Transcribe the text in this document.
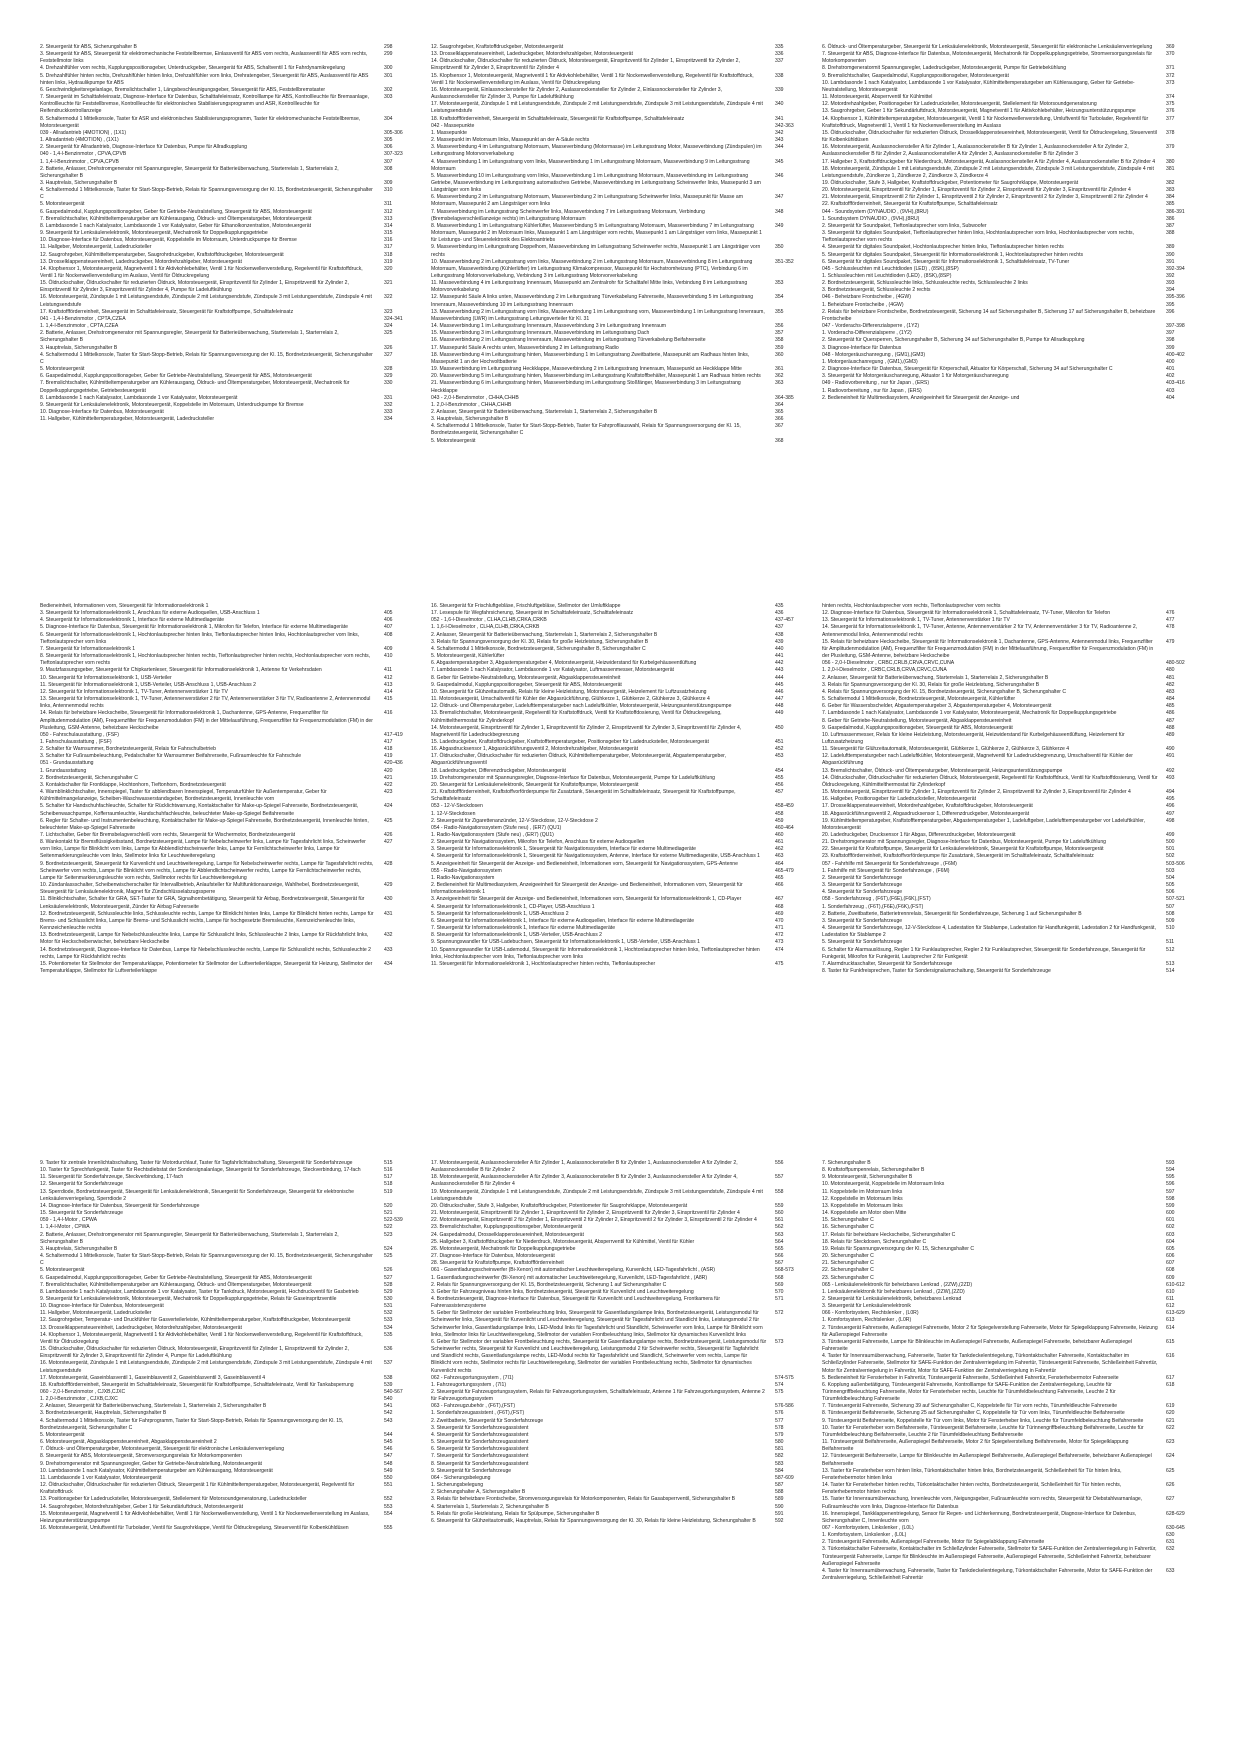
2. Steuergerät für ABS, Sicherungshalter B	298
3. Steuergerät für ABS, Steuergerät für elektromechanische Feststellbremse, Einlassventil für ABS vorn rechts, Auslassventil für ABS vorn rechts, Feststellmotor links
299
4. Drehzahlfühler vorn rechts, Kupplungspositionsgeber, Unterdruckgeber, Steuergerät für ABS, Schaltventil 1 für Fahrdynamikregelung	300
5. Drehzahlfühler hinten rechts, Drehzahlfühler hinten links, Drehzahlfühler vorn links, Drehratengeber, Steuergerät für ABS, Auslassventil für ABS hinten links, Hydraulikpumpe für ABS
301
6. Geschwindigkeitsregelanlage, Bremslichtschalter 1, Längsbeschleunigungsgeber, Steuergerät für ABS, Feststellbremstaster	302
7. Steuergerät im Schalttafeleinsatz, Diagnose-Interface für Datenbus, Schalttafeleinsatz, Kontrolllampe für ABS, Kontrollleuchte für Bremsanlage, Kontrollleuchte für Feststellbremse, Kontrollleuchte für elektronisches Stabilisierungsprogramm und ASR, Kontrollleuchte für Reifendruckkontrollanzeige
303
8. Schaltermodul 1 Mittelkonsole, Taster für ASR und elektronisches Stabilisierungsprogramm, Taster für elektromechanische Feststellbremse, Motorsteuergerät
304
039 - Allradantrieb (4MOTION) , (1X1)	305-306
1. Allradantrieb (4MOTION) , (1X1)	305
2. Steuergerät für Allradantrieb, Diagnose-Interface für Datenbus, Pumpe für Allradkupplung	306
040 - 1,4-l-Benzinmotor , CPVA,CPVB	307-323
1. 1,4-l-Benzinmotor , CPVA,CPVB	307
2. Batterie, Anlasser, Drehstromgenerator mit Spannungsregler, Steuergerät für Batterieüberwachung, Starterrelais 1, Starterrelais 2, Sicherungshalter B
308
3. Hauptrelais, Sicherungshalter B	309
4. Schaltermodul 1 Mittelkonsole, Taster für Start-Stopp-Betrieb, Relais für Spannungsversorgung der Kl. 15, Bordnetzsteuergerät, Sicherungshalter C
310
5. Motorsteuergerät	311
6. Gaspedalmodul, Kupplungspositionsgeber, Geber für Getriebe-Neutralstellung, Steuergerät für ABS, Motorsteuergerät	312
7. Bremslichtschalter, Kühlmitteltemperaturgeber am Kühlerausgang, Öldruck- und Öltemperaturgeber, Motorsteuergerät	313
8. Lambdasonde 1 nach Katalysator, Lambdasonde 1 vor Katalysator, Geber für Ethanolkonzentration, Motorsteuergerät	314
9. Steuergerät für Lenksäulenelektronik, Motorsteuergerät, Mechatronik für Doppelkupplungsgetriebe	315
10. Diagnose-Interface für Datenbus, Motorsteuergerät, Koppelstelle im Motorraum, Unterdruckpumpe für Bremse	316
11. Hallgeber, Motorsteuergerät, Ladedrucksteller	317
12. Saugrohrgeber, Kühlmitteltemperaturgeber, Saugrohrdruckgeber, Kraftstoffdruckgeber, Motorsteuergerät	318
13. Drosselklappensteuereinheit, Ladedruckgeber, Motordrehzahlgeber, Motorsteuergerät	319
14. Klopfsensor 1, Motorsteuergerät, Magnetventil 1 für Aktivkohlebehälter, Ventil 1 für Nockenwellenverstellung, Regelventil für Kraftstoffdruck, Ventil 1 für Nockenwellenverstellung im Auslass, Ventil für Öldruckregelung
320
15. Öldruckschalter, Öldruckschalter für reduzierten Öldruck, Motorsteuergerät, Einspritzventil für Zylinder 1, Einspritzventil für Zylinder 2, Einspritzventil für Zylinder 3, Einspritzventil für Zylinder 4, Pumpe für Ladeluftkühlung
321
16. Motorsteuergerät, Zündspule 1 mit Leistungsendstufe, Zündspule 2 mit Leistungsendstufe, Zündspule 3 mit Leistungsendstufe, Zündspule 4 mit Leistungsendstufe
322
17. Kraftstoffförderreinheit, Steuergerät im Schalttafeleinsatz, Steuergerät für Kraftstoffpumpe, Schalttafeleinsatz	323
041 - 1,4-l-Benzinmotor , CPTA,CZEA	324-341
1. 1,4-l-Benzinmotor , CPTA,CZEA	324
2. Batterie, Anlasser, Drehstromgenerator mit Spannungsregler, Steuergerät für Batterieüberwachung, Starterrelais 1, Starterrelais 2, Sicherungshalter B
325
3. Hauptrelais, Sicherungshalter B	326
4. Schaltermodul 1 Mittelkonsole, Taster für Start-Stopp-Betrieb, Relais für Spannungsversorgung der Kl. 15, Bordnetzsteuergerät, Sicherungshalter C
327
5. Motorsteuergerät	328
6. Gaspedalmodul, Kupplungspositionsgeber, Geber für Getriebe-Neutralstellung, Steuergerät für ABS, Motorsteuergerät	329
7. Bremslichtschalter, Kühlmitteltemperaturgeber am Kühlerausgang, Öldruck- und Öltemperaturgeber, Motorsteuergerät, Mechatronik für Doppelkupplungsgetriebe, Getriebesteuergerät
330
8. Lambdasonde 1 nach Katalysator, Lambdasonde 1 vor Katalysator, Motorsteuergerät	331
9. Steuergerät für Lenksäulenelektronik, Motorsteuergerät, Koppelstelle im Motorraum, Unterdruckpumpe für Bremse	332
10. Diagnose-Interface für Datenbus, Motorsteuergerät	333
11. Hallgeber, Kühlmitteltemperaturgeber, Motorsteuergerät, Ladedrucksteller	334
12. Saugrohrgeber, Kraftstoffdruckgeber, Motorsteuergerät	335
13. Drosselklappensteuereinheit, Ladedruckgeber, Motordrehzahlgeber, Motorsteuergerät	336
14. Öldruckschalter, Öldruckschalter für reduzierten Öldruck, Motorsteuergerät, Einspritzventil für Zylinder 1, Einspritzventil für Zylinder 2, Einspritzventil für Zylinder 3, Einspritzventil für Zylinder 4
337
15. Klopfsensor 1, Motorsteuergerät, Magnetventil 1 für Aktivkohlebehälter, Ventil 1 für Nockenwellenverstellung, Regelventil für Kraftstoffdruck, Ventil 1 für Nockenwellenverstellung im Auslass, Ventil für Öldruckregelung
338
16. Motorsteuergerät, Einlassnockensteller für Zylinder 2, Auslassnockensteller für Zylinder 2, Einlassnockensteller für Zylinder 3, Auslassnockensteller für Zylinder 3, Pumpe für Ladeluftkühlung
339
17. Motorsteuergerät, Zündspule 1 mit Leistungsendstufe, Zündspule 2 mit Leistungsendstufe, Zündspule 3 mit Leistungsendstufe, Zündspule 4 mit Leistungsendstufe
340
18. Kraftstoffförderreinheit, Steuergerät im Schalttafeleinsatz, Steuergerät für Kraftstoffpumpe, Schalttafeleinsatz	341
042 - Massepunkte	342-363
1. Massepunkte	342
2. Massepunkt im Motorraum links, Massepunkt an der A-Säule rechts	343
3. Masseverbindung 4 im Leitungsstrang Motorraum, Masseverbindung (Motormasse) im Leitungsstrang Motor, Masseverbindung (Zündspulen) im Leitungsstrang Motorvorverkabelung
344
4. Masseverbindung 1 im Leitungsstrang vorn links, Masseverbindung 1 im Leitungsstrang Motorraum, Masseverbindung 9 im Leitungsstrang Motorraum
345
5. Masseverbindung 10 im Leitungsstrang vorn links, Masseverbindung 1 im Leitungsstrang Motorraum, Masseverbindung im Leitungsstrang Getriebe, Masseverbindung im Leitungsstrang automatisches Getriebe, Masseverbindung im Leitungsstrang Scheinwerfer links, Massepunkt 3 am Längsträger vorn links
346
6. Masseverbindung 2 im Leitungsstrang Motorraum, Masseverbindung 2 im Leitungsstrang Scheinwerfer links, Massepunkt für Masse am Motorraum, Massepunkt 2 am Längsträger vorn links
347
7. Masseverbindung im Leitungsstrang Scheinwerfer links, Masseverbindung 7 im Leitungsstrang Motorraum, Verbindung (Bremsbelagverschleißanzeige rechts) im Leitungsstrang Motorraum
348
8. Masseverbindung 1 im Leitungsstrang Kühlerlüfter, Masseverbindung 5 im Leitungsstrang Motorraum, Masseverbindung 7 im Leitungsstrang Motorraum, Massepunkt 2 im Motorraum links, Massepunkt 1 am Längsträger vorn rechts, Massepunkt 1 am Längsträger vorn links, Massepunkt 1 für Leistungs- und Steuerelektronik des Elektroantriebs
349
9. Masseverbindung im Leitungsstrang Doppelhorn, Masseverbindung im Leitungsstrang Scheinwerfer rechts, Massepunkt 1 am Längsträger vorn rechts
350
10. Masseverbindung 2 im Leitungsstrang vorn links, Masseverbindung 2 im Leitungsstrang Motorraum, Masseverbindung 8 im Leitungsstrang Motorraum, Masseverbindung (Kühlerlüfter) im Leitungsstrang Klimakompressor, Massepunkt für Hochstromheizung (PTC), Verbindung 6 im Leitungsstrang Motorvorverkabelung, Verbindung 3 im Leitungsstrang Motorvorverkabelung
351-352
11. Masseverbindung 4 im Leitungsstrang Innenraum, Massepunkt am Zentralrohr für Schalttafel Mitte links, Verbindung 8 im Leitungsstrang Motorvorverkabelung
353
12. Massepunkt Säule A links unten, Masseverbindung 2 im Leitungsstrang Türverkabelung Fahrerseite, Masseverbindung 5 im Leitungsstrang Innenraum, Masseverbindung 10 im Leitungsstrang Innenraum
354
13. Masseverbindung 2 im Leitungsstrang vorn links, Masseverbindung 1 im Leitungsstrang vorn, Masseverbindung 1 im Leitungsstrang Innenraum, Masseverbindung (LWR) im Leitungsstrang Leitungsverteiler für Kl. 31
355
14. Masseverbindung 1 im Leitungsstrang Innenraum, Masseverbindung 3 im Leitungsstrang Innenraum	356
15. Masseverbindung 3 im Leitungsstrang Innenraum, Masseverbindung im Leitungsstrang Dach	357
16. Masseverbindung 2 im Leitungsstrang Innenraum, Masseverbindung im Leitungsstrang Türverkabelung Beifahrerseite	358
17. Massepunkt Säule A rechts unten, Masseverbindung 2 im Leitungsstrang Radio	359
18. Masseverbindung 4 im Leitungsstrang hinten, Masseverbindung 1 im Leitungsstrang Zweitbatterie, Massepunkt am Radhaus hinten links, Massepunkt 1 an der Hochvoltbatterie
360
19. Masseverbindung im Leitungsstrang Heckklappe, Masseverbindung 2 im Leitungsstrang Innenraum, Massepunkt an Heckklappe Mitte	361
20. Masseverbindung 5 im Leitungsstrang hinten, Masseverbindung im Leitungsstrang Kraftstoffbehälter, Massepunkt 1 am Radhaus hinten rechts	362
21. Masseverbindung 6 im Leitungsstrang hinten, Masseverbindung im Leitungsstrang Stoßfänger, Masseverbindung 3 im Leitungsstrang Heckklappe
363
043 - 2,0-l-Benzinmotor , CHHA,CHHB	364-385
1. 2,0-l-Benzinmotor , CHHA,CHHB	364
2. Anlasser, Steuergerät für Batterieüberwachung, Starterrelais 1, Starterrelais 2, Sicherungshalter B	365
3. Hauptrelais, Sicherungshalter B	366
4. Schaltermodul 1 Mittelkonsole, Taster für Start-Stopp-Betrieb, Taster für Fahrprofilauswahl, Relais für Spannungsversorgung der Kl. 15, Bordnetzsteuergerät, Sicherungshalter C
367
5. Motorsteuergerät	368
6. Öldruck- und Öltemperaturgeber, Steuergerät für Lenksäulenelektronik, Motorsteuergerät, Steuergerät für elektronische Lenksäulenverriegelung	369
7. Steuergerät für ABS, Diagnose-Interface für Datenbus, Motorsteuergerät, Mechatronik für Doppelkupplungsgetriebe, Stromversorgungsrelais für Motorkomponenten
370
8. Drehstromgeneratormit Spannungsregler, Ladedruckgeber, Motorsteuergerät, Pumpe für Getriebekühlung	371
9. Bremslichtschalter, Gaspedalmodul, Kupplungspositionsgeber, Motorsteuergerät	372
10. Lambdasonde 1 nach Katalysator, Lambdasonde 1 vor Katalysator, Kühlmitteltemperaturgeber am Kühlerausgang, Geber für Getriebe-Neutralstellung, Motorsteuergerät
373
11. Motorsteuergerät, Absperrventil für Kühlmittel	374
12. Motordrehzahlgeber, Positionsgeber für Ladedrucksteller, Motorsteuergerät, Stellelement für Motorsoundgeneratorung	375
13. Saugrohrgeber, Geber 1 für Sekundärluftdruck, Motorsteuergerät, Magnetventil 1 für Aktivkohlebehälter, Heizungsunterstützungspumpe	376
14. Klopfsensor 1, Kühlmitteltemperaturgeber, Motorsteuergerät, Ventil 1 für Nockenwellenverstellung, Umluftventil für Turbolader, Regelventil für Kraftstoffdruck, Magnetventil 1, Ventil 1 für Nockenwellenverstellung im Auslass
377
15. Öldruckschalter, Öldruckschalter für reduzierten Öldruck, Drosselklappensteuereinheit, Motorsteuergerät, Ventil für Öldruckregelung, Steuerventil für Kolbenkühldüsen
378
16. Motorsteuergerät, Auslassnockensteller A für Zylinder 1, Auslassnockensteller B für Zylinder 1, Auslassnockensteller A für Zylinder 2, Auslassnockensteller B für Zylinder 2, Auslassnockensteller A für Zylinder 3, Auslassnockensteller B für Zylinder 3
379
17. Hallgeber 3, Kraftstoffdruckgeber für Niederdruck, Motorsteuergerät, Auslassnockensteller A für Zylinder 4, Auslassnockensteller B für Zylinder 4	380
18. Motorsteuergerät, Zündspule 1 mit Leistungsendstufe, Zündspule 2 mit Leistungsendstufe, Zündspule 3 mit Leistungsendstufe, Zündspule 4 mit Leistungsendstufe, Zündkerze 1, Zündkerze 2, Zündkerze 3, Zündkerze 4
381
19. Öldruckschalter, Stufe 3, Hallgeber, Kraftstoffdruckgeber, Potentiometer für Saugrohrklappe, Motorsteuergerät	382
20. Motorsteuergerät, Einspritzventil für Zylinder 1, Einspritzventil für Zylinder 2, Einspritzventil für Zylinder 3, Einspritzventil für Zylinder 4	383
21. Motorsteuergerät, Einspritzventil 2 für Zylinder 1, Einspritzventil 2 für Zylinder 2, Einspritzventil 2 für Zylinder 3, Einspritzventil 2 für Zylinder 4	384
22. Kraftstoffförderreinheit, Steuergerät für Kraftstoffpumpe, Schalttafeleinsatz	385
044 - Soundsystem (DYNAUDIO , (9VH),(8RU)	386-391
1. Soundsystem DYNAUDIO , (9VH),(8RU)	386
2. Steuergerät für Soundpaket, Tieftonlautsprecher vorn links, Subwoofer	387
3. Steuergerät für digitales Soundpaket, Tieftonlautsprecher hinten links, Hochtonlautsprecher vorn links, Hochtonlautsprecher vorn rechts, Tieftonlautsprecher vorn rechts
388
4. Steuergerät für digitales Soundpaket, Hochtonlautsprecher hinten links, Tieftonlautsprecher hinten rechts	389
5. Steuergerät für digitales Soundpaket, Steuergerät für Informationselektronik 1, Hochtonlautsprecher hinten rechts	390
6. Steuergerät für digitales Soundpaket, Steuergerät für Informationselektronik 1, Schalttafeleinsatz, TV-Tuner	391
045 - Schlussleuchten mit Leuchtdioden (LED) , (8SK),(8SP)	392-394
1. Schlussleuchten mit Leuchtdioden (LED) , (8SK),(8SP)	392
2. Bordnetzsteuergerät, Schlussleuchte links, Schlussleuchte rechts, Schlussleuchte 2 links	393
3. Bordnetzsteuergerät, Schlussleuchte 2 rechts	394
046 - Beheizbare Frontscheibe , (4GW)	395-396
1. Beheizbare Frontscheibe , (4GW)	395
2. Relais für beheizbare Frontscheibe, Bordnetzsteuergerät, Sicherung 14 auf Sicherungshalter B, Sicherung 17 auf Sicherungshalter B, beheizbare Frontscheibe
396
047 - Vorderachs-Differenzialsperre , (1Y2)	397-398
1. Vorderachs-Differenzialsperre , (1Y2)	397
2. Steuergerät für Quersperren, Sicherungshalter B, Sicherung 34 auf Sicherungshalter B, Pumpe für Allradkupplung	398
3. Diagnose-Interface für Datenbus	399
048 - Motorgeräuschanregung , (GM1),(GM3)	400-402
1. Motorgeräuschanregung , (GM1),(GM3)	400
2. Diagnose-Interface für Datenbus, Steuergerät für Körperschall, Aktuator für Körperschall, Sicherung 34 auf Sicherungshalter C	401
3. Steuergerät für Motorgeräuschanregung, Aktuator 1 für Motorgeräuschanregung	402
049 - Radiovorbereitung , nur für Japan , (ERS)	403-416
1. Radiovorbereitung , nur für Japan , (ERS)	403
2. Bedieneinheit für Multimediasystem, Anzeigeeinheit für Steuergerät der Anzeige- und	404
Bedieneinheit, Informationen vorn, Steuergerät für Informationselektronik 1
3. Steuergerät für Informationselektronik 1, Anschluss für externe Audioquellen, USB-Anschluss 1	405
4. Steuergerät für Informationselektronik 1, Interface für externe Multimediageräte	406
5. Diagnose-Interface für Datenbus, Steuergerät für Informationselektronik 1, Mikrofon für Telefon, Interface für externe Multimediageräte	407
6. Steuergerät für Informationselektronik 1, Hochtonlautsprecher hinten links, Tieftonlautsprecher hinten links, Hochtonlautsprecher vorn links, Tieftonlautsprecher vorn links
408
7. Steuergerät für Informationselektronik 1	409
8. Steuergerät für Informationselektronik 1, Hochtonlautsprecher hinten rechts, Tieftonlautsprecher hinten rechts, Hochtonlautsprecher vorn rechts, Tieftonlautsprecher vorn rechts
410
9. Mautzfassungsgeber, Steuergerät für Chipkartenleser, Steuergerät für Informationselektronik 1, Antenne für Verkehrsdaten	411
10. Steuergerät für Informationselektronik 1, USB-Verteiler	412
11. Steuergerät für Informationselektronik 1, USB-Verteiler, USB-Anschluss 1, USB-Anschluss 2	413
12. Steuergerät für Informationselektronik 1, TV-Tuner, Antennenverstärker 1 für TV	414
13. Steuergerät für Informationselektronik 1, TV-Tuner, Antennenverstärker 2 für TV, Antennenverstärker 3 für TV, Radioantenne 2, Antennenmodul links, Antennenmodul rechts
415
14. Relais für beheizbare Heckscheibe, Steuergerät für Informationselektronik 1, Dachantenne, GPS-Antenne, Frequenzfilter für Amplitudenmodulation (AM), Frequenzfilter für Frequenzmodulation (FM) in der Mittelausführung, Frequenzfilter für Frequenzmodulation (FM) in der Plusleitung, GSM-Antenne, beheizbare Heckscheibe
416
050 - Fahrschulausstattung , (FSF)	417-419
1. Fahrschulausstattung , (FSF)	417
2. Schalter für Warnsummer, Bordnetzsteuergerät, Relais für Fahrschulbetrieb	418
3. Schalter für Fußraumbeleuchtung, Pedalschalter für Warnsummer Beifahrerseite, Fußraumleuchte für Fahrschule	419
051 - Grundausstattung	420-436
1. Grundausstattung	420
2. Bordnetzsteuergerät, Sicherungshalter C	421
3. Kontaktschalter für Frontklappe, Hochtonhorn, Tieftonhorn, Bordnetzsteuergerät	422
4. Warnblinklichtschalter, Innenspiegel, Taster für abblendbaren Innenspiegel, Temperaturfühler für Außentemperatur, Geber für Kühlmittelmangelanzeige, Scheiben-Waschwasserstandsgeber, Bordnetzsteuergerät, Innenleuchte vorn
423
5. Schalter für Handschuhfachleuchte, Schalter für Rücklichtwarnung, Kontaktschalter für Make-up-Spiegel Fahrerseite, Bordnetzsteuergerät, Scheibenwaschpumpe, Kofferraumleuchte, Handschuhfachleuchte, beleuchteter Make-up-Spiegel Beifahrerseite
424
6. Regler für Schalter- und Instrumentenbeleuchtung, Kontaktschalter für Make-up-Spiegel Fahrerseite, Bordnetzsteuergerät, Innenleuchte hinten, beleuchteter Make-up-Spiegel Fahrerseite
425
7. Lichtschalter, Geber für Bremsbelagverschleiß vorn rechts, Steuergerät für Wischermotor, Bordnetzsteuergerät	426
8. Wankontakt für Bremsflüssigkeitsstand, Bordnetzsteuergerät, Lampe für Nebelscheinwerfer links, Lampe für Tagesfahrlicht links, Scheinwerfer vorn links, Lampe für Blinklicht vorn links, Lampe für Abblendlichtscheinwerfer links, Lampe für Fernlichtscheinwerfer links, Lampe für Seitenmarkierungsleuchte vorn links, Stellmotor links für Leuchtweiteregelung
427
9. Bordnetzsteuergerät, Steuergerät für Kurvenlicht und Leuchtweiteregelung, Lampe für Nebelscheinwerfer rechts, Lampe für Tagesfahrlicht rechts, Scheinwerfer vorn rechts, Lampe für Blinklicht vorn rechts, Lampe für Abblendlichtscheinwerfer rechts, Lampe für Fernlichtscheinwerfer rechts, Lampe für Seitenmarkierungsleuchte vorn rechts, Stellmotor rechts für Leuchtweiteregelung
428
10. Zündanlassschalter, Scheibenwischerschalter für Intervallbetrieb, Anlaufsteller für Multifunktionsanzeige, Wahlhebel, Bordnetzsteuergerät, Steuergerät für Lenksäulenelektronik, Magnet für Zündschlüsselabzugssperre
429
11. Blinklichtschalter, Schalter für GRA, SET-Taster für GRA, Signalhornbetätigung, Steuergerät für Airbag, Bordnetzsteuergerät, Steuergerät für Lenksäulenelektronik, Motorsteuergerät, Zünder für Airbag Fahrerseite
430
12. Bordnetzsteuergerät, Schlussleuchte links, Schlussleuchte rechts, Lampe für Blinklicht hinten links, Lampe für Blinklicht hinten rechts, Lampe für Brems- und Schlusslicht links, Lampe für Brems- und Schlusslicht rechts, Lampe für hochgesetzte Bremsleuchte, Kennzeichenleuchte links, Kennzeichenleuchte rechts
431
13. Bordnetzsteuergerät, Lampe für Nebelschlussleuchte links, Lampe für Schlusslicht links, Schlussleuchte 2 links, Lampe für Rückfahrlicht links, Motor für Heckscheibenwischer, beheizbare Heckscheibe
432
14. Bordnetzsteuergerät, Diagnose-Interface für Datenbus, Lampe für Nebelschlussleuchte rechts, Lampe für Schlusslicht rechts, Schlussleuchte 2 rechts, Lampe für Rückfahrlicht rechts
433
15. Potentiometer für Stellmotor der Temperaturklappe, Potentiometer für Stellmotor der Luftverteilerklappe, Steuergerät für Heizung, Stellmotor der Temperaturklappe, Stellmotor für Luftverteilerklappe
434
16. Steuergerät für Frischluftgebläse, Frischluftgebläse, Stellmotor der Umluftklappe	435
17. Lesespule für Wegfahrsicherung, Steuergerät im Schalttafeleinsatz, Schalttafeleinsatz	436
052 - 1,6-l-Dieselmotor , CLHA,CLHB,CRKA,CRKB	437-457
1. 1,6-l-Dieselmotor , CLHA,CLHB,CRKA,CRKB	437
2. Anlasser, Steuergerät für Batterieüberwachung, Starterrelais 1, Starterrelais 2, Sicherungshalter B	438
3. Relais für Spannungsversorgung der Kl. 30, Relais für große Heizleistung, Sicherungshalter B	439
4. Schaltermodul 1 Mittelkonsole, Bordnetzsteuergerät, Sicherungshalter B, Sicherungshalter C	440
5. Motorsteuergerät, Kühlerlüfter	441
6. Abgastemperaturgeber 3, Abgastemperaturgeber 4, Motorsteuergerät, Heizwiderstand für Kurbelgehäuseentlüftung	442
7. Lambdasonde 1 nach Katalysator, Lambdasonde 1 vor Katalysator, Luftmassenmesser, Motorsteuergerät	443
8. Geber für Getriebe-Neutralstellung, Motorsteuergerät, Abgasklappensteuereinheit	444
9. Gaspedalmodul, Kupplungspositionsgeber, Steuergerät für ABS, Motorsteuergerät	445
10. Steuergerät für Glühzeitautomatik, Relais für kleine Heizleistung, Motorsteuergerät, Heizelement für Luftzusatzheizung	446
11. Motorsteuergerät, Umschaltventil für Kühler der Abgasrückführung, Glühkerze 1, Glühkerze 2, Glühkerze 3, Glühkerze 4	447
12. Öldruck- und Öltemperaturgeber, Ladelufttemperaturgeber nach Ladeluftkühler, Motorsteuergerät, Heizungsunterstützungspumpe	448
13. Bremslichtschalter, Motorsteuergerät, Regelventil für Kraftstoffdruck, Ventil für Kraftstoffdosierung, Ventil für Öldruckregelung, Kühlmittelthermostat für Zylinderkopf
449
14. Motorsteuergerät, Einspritzventil für Zylinder 1, Einspritzventil für Zylinder 2, Einspritzventil für Zylinder 3, Einspritzventil für Zylinder 4, Magnetventil für Ladedruckbegrenzung
450
15. Ladedruckgeber, Kraftstoffdruckgeber, Kraftstofftemperaturgeber, Positionsgeber für Ladedrucksteller, Motorsteuergerät	451
16. Abgasdrucksensor 1, Abgasrückführungsventil 2, Motordrehzahlgeber, Motorsteuergerät	452
17. Öldruckschalter, Öldruckschalter für reduzierten Öldruck, Kühlmitteltemperaturgeber, Motorsteuergerät, Abgastemperaturgeber, Abgasrückführungsventil
453
18. Ladedruckgeber, Differenzdruckgeber, Motorsteuergerät	454
19. Drehstromgenerator mit Spannungsregler, Diagnose-Interface für Datenbus, Motorsteuergerät, Pumpe für Ladeluftkühlung	455
20. Steuergerät für Lenksäulenelektronik, Steuergerät für Kraftstoffpumpe, Motorsteuergerät	456
21. Kraftstoffförderreinheit, Kraftstoffvorförderpumpe für Zusatztank, Steuergerät im Schalttafeleinsatz, Steuergerät für Kraftstoffpumpe, Schalttafeleinsatz
457
053 - 12-V-Steckdosen	458-459
1. 12-V-Steckdosen	458
2. Steuergerät für Zigarettenanzünder, 12-V-Steckdose, 12-V-Steckdose 2	459
054 - Radio-Navigationssystem (Stufe neu) , (ER7) (QU1)	460-464
1. Radio-Navigationssystem (Stufe neu) , (ER7) (QU1)	460
2. Steuergerät für Navigationssystem, Mikrofon für Telefon, Anschluss für externe Audioquellen	461
3. Steuergerät für Informationselektronik 1, Steuergerät für Navigationssystem, Interface für externe Multimediageräte	462
4. Steuergerät für Informationselektronik 1, Steuergerät für Navigationssystem, Antenne, Interface für externe Multimediageräte, USB-Anschluss 1	463
5. Anzeigeeinheit für Steuergerät der Anzeige- und Bedieneinheit, Informationen vorn, Steuergerät für Navigationssystem, GPS-Antenne	464
055 - Radio-Navigationssystem	465-479
1. Radio-Navigationssystem	465
2. Bedieneinheit für Multimediasystem, Anzeigeeinheit für Steuergerät der Anzeige- und Bedieneinheit, Informationen vorn, Steuergerät für Informationselektronik 1
466
3. Anzeigeeinheit für Steuergerät der Anzeige- und Bedieneinheit, Informationen vorn, Steuergerät für Informationselektronik 1, CD-Player	467
4. Steuergerät für Informationselektronik 1, CD-Player, USB-Anschluss 1	468
5. Steuergerät für Informationselektronik 1, USB-Anschluss 2	469
6. Steuergerät für Informationselektronik 1, Interface für externe Audioquellen, Interface für externe Multimediageräte	470
7. Steuergerät für Informationselektronik 1, Interface für externe Multimediageräte	471
8. Steuergerät für Informationselektronik 1, USB-Verteiler, USB-Anschluss 2	472
9. Spannungswandler für USB-Ladebuchsen, Steuergerät für Informationselektronik 1, USB-Verteiler, USB-Anschluss 1	473
10. Spannungswandler für USB-Lademodul, Steuergerät für Informationselektronik 1, Hochtonlautsprecher hinten links, Tieftonlautsprecher hinten links, Hochtonlautsprecher vorn links, Tieftonlautsprecher vorn links
474
11. Steuergerät für Informationselektronik 1, Hochtonlautsprecher hinten rechts, Tieftonlautsprecher	475
hinten rechts, Hochtonlautsprecher vorn rechts, Tieftonlautsprecher vorn rechts
12. Diagnose-Interface für Datenbus, Steuergerät für Informationselektronik 1, Schalttafeleinsatz, TV-Tuner, Mikrofon für Telefon	476
13. Steuergerät für Informationselektronik 1, TV-Tuner, Antennenverstärker 1 für TV	477
14. Steuergerät für Informationselektronik 1, TV-Tuner, Antenne, Antennenverstärker 2 für TV, Antennenverstärker 3 für TV, Radioantenne 2, Antennenmodul links, Antennenmodul rechts
478
15. Relais für beheizbare Heckscheibe, Steuergerät für Informationselektronik 1, Dachantenne, GPS-Antenne, Antennenmodul links, Frequenzfilter für Amplitudenmodulation (AM), Frequenzfilter für Frequenzmodulation (FM) in der Mittelausführung, Frequenzfilter für Frequenzmodulation (FM) in der Plusleitung, GSM-Antenne, beheizbare Heckscheibe
479
056 - 2,0-l-Dieselmotor , CRBC,CRLB,CRVA,CRVC,CUNA	480-502
1. 2,0-l-Dieselmotor , CRBC,CRLB,CRVA,CRVC,CUNA	480
2. Anlasser, Steuergerät für Batterieüberwachung, Starterrelais 1, Starterrelais 2, Sicherungshalter B	481
3. Relais für Spannungsversorgung der Kl. 30, Relais für große Heizleistung, Sicherungshalter B	482
4. Relais für Spannungsversorgung der Kl. 15, Bordnetzsteuergerät, Sicherungshalter B, Sicherungshalter C	483
5. Schaltermodul 1 Mittelkonsole, Bordnetzsteuergerät, Motorsteuergerät, Kühlerlüfter	484
6. Geber für Wassersbschelder, Abgastemperaturgeber 3, Abgastemperaturgeber 4, Motorsteuergerät	485
7. Lambdasonde 1 nach Katalysator, Lambdasonde 1 vor Katalysator, Motorsteuergerät, Mechatronik für Doppelkupplungsgetriebe	486
8. Geber für Getriebe-Neutralstellung, Motorsteuergerät, Abgasklappensteuereinheit	487
9. Gaspedalmodul, Kupplungspositionsgeber, Steuergerät für ABS, Motorsteuergerät	488
10. Luftmassenmesser, Relais für kleine Heizleistung, Motorsteuergerät, Heizwiderstand für Kurbelgehäuseentlüftung, Heizelement für Luftzusatzheizung
489
11. Steuergerät für Glühzeitautomatik, Motorsteuergerät, Glühkerze 1, Glühkerze 2, Glühkerze 3, Glühkerze 4	490
12. Ladelufttemperaturgeber nach Ladeluftkühler, Motorsteuergerät, Magnetventil für Ladedruckbegrenzung, Umschaltventil für Kühler der Abgasrückführung
491
13. Bremslichtschalter, Öldruck- und Öltemperaturgeber, Motorsteuergerät, Heizungsunterstützungspumpe	492
14. Öldruckschalter, Öldruckschalter für reduzierten Öldruck, Motorsteuergerät, Regelventil für Kraftstoffdruck, Ventil für Kraftstoffdosierung, Ventil für Öldruckregelung, Kühlmittelthermostat für Zylinderkopf
493
15. Motorsteuergerät, Einspritzventil für Zylinder 1, Einspritzventil für Zylinder 2, Einspritzventil für Zylinder 3, Einspritzventil für Zylinder 4	494
16. Hallgeber, Positionsgeber für Ladedrucksteller, Motorsteuergerät	495
17. Drosselklappensteuereinheit, Motordrehzahlgeber, Kraftstoffdruckgeber, Motorsteuergerät	496
18. Abgasrückführungsventil 2, Abgasdrucksensor 1, Differenzdruckgeber, Motorsteuergerät	497
19. Kühlmitteltemperaturgeber, Kraftstofftemperaturgeber, Abgastemperaturgeber 1, Ladeluftgeber, Ladelufttemperaturgeber vor Ladeluftkühler, Motorsteuergerät
498
20. Ladedruckgeber, Drucksensor 1 für Abgas, Differenzdruckgeber, Motorsteuergerät	499
21. Drehstromgenerator mit Spannungsregler, Diagnose-Interface für Datenbus, Motorsteuergerät, Pumpe für Ladeluftkühlung	500
22. Steuergerät für Kraftstoffpumpe, Steuergerät für Lenksäulenelektronik, Steuergerät für Kraftstoffpumpe, Motorsteuergerät	501
23. Kraftstoffförderreinheit, Kraftstoffvorförderpumpe für Zusatztank, Steuergerät im Schalttafeleinsatz, Schalttafeleinsatz	502
057 - Fahrhilfe mit Steuergerät für Sonderfahrzeuge , (F6M)	503-506
1. Fahrhilfe mit Steuergerät für Sonderfahrzeuge , (F6M)	503
2. Steuergerät für Sonderfahrzeuge	504
3. Steuergerät für Sonderfahrzeuge	505
4. Steuergerät für Sonderfahrzeuge	506
058 - Sonderfahrzeug , (F6T),(F6E),(F6K),(FST)	507-521
1. Sonderfahrzeug , (F6T),(F6E),(F6K),(FST)	507
2. Batterie, Zweitbatterie, Batterietrennrelais, Steuergerät für Sonderfahrzeuge, Sicherung 1 auf Sicherungshalter B	508
3. Steuergerät für Sonderfahrzeuge	509
4. Steuergerät für Sonderfahrzeuge, 12-V-Steckdose 4, Ladestation für Stablampe, Ladestation für Handfunkgerät, Ladestation 2 für Handfunkgerät, Ladestation für Stablampe 2
510
5. Steuergerät für Sonderfahrzeuge	511
6. Schalter für Alarmauslösung, Regler 1 für Funklautsprecher, Regler 2 für Funklautsprecher, Steuergerät für Sonderfahrzeuge, Steuergerät für Funkgerät, Mikrofon für Funkgerät, Lautsprecher 2 für Funkgerät
512
7. Alarmdrucktaschalter, Steuergerät für Sonderfahrzeuge	513
8. Taster für Funkfreisprechen, Taster für Sondersignalumschaltung, Steuergerät für Sonderfahrzeuge	514
9. Taster für zentrale Innenlichtabschaltung, Taster für Motordurchlauf, Taster für Tagfahrlichtabschaltung, Steuergerät für Sonderfahrzeuge	515
10. Taster für Sprechfunkgerät, Taster für Rechtsdiebstat der Sondersignalanlage, Steuergerät für Sonderfahrzeuge, Steckverbindung, 17-fach	516
11. Steuergerät für Sonderfahrzeuge, Steckverbindung, 17-fach	517
12. Steuergerät für Sonderfahrzeuge	518
13. Sperrdiode, Bordnetzsteuergerät, Steuergerät für Lenksäulenelektronik, Steuergerät für Sonderfahrzeuge, Steuergerät für elektronische Lenksäulenverriegelung, Sperrdiode 2
519
14. Diagnose-Interface für Datenbus, Steuergerät für Sonderfahrzeuge	520
15. Steuergerät für Sonderfahrzeuge	521
059 - 1,4-l-Motor , CPWA	522-539
1. 1,4-l-Motor , CPWA	522
2. Batterie, Anlasser, Drehstromgenerator mit Spannungsregler, Steuergerät für Batterieüberwachung, Starterrelais 1, Starterrelais 2, Sicherungshalter B
523
3. Hauptrelais, Sicherungshalter B	524
4. Schaltermodul 1 Mittelkonsole, Taster für Start-Stopp-Betrieb, Relais für Spannungsversorgung der Kl. 15, Bordnetzsteuergerät, Sicherungshalter C
525
5. Motorsteuergerät	526
6. Gaspedalmodul, Kupplungspositionsgeber, Geber für Getriebe-Neutralstellung, Steuergerät für ABS, Motorsteuergerät	527
7. Bremslichtschalter, Kühlmitteltemperaturgeber am Kühlerausgang, Öldruck- und Öltemperaturgeber, Motorsteuergerät	528
8. Lambdasonde 1 nach Katalysator, Lambdasonde 1 vor Katalysator, Taster für Tankdruck, Motorsteuergerät, Hochdruckventil für Gasbetrieb	529
9. Steuergerät für Lenksäulenelektronik, Motorsteuergerät, Mechatronik für Doppelkupplungsgetriebe, Relais für Gaseinspritzventile	530
10. Diagnose-Interface für Datenbus, Motorsteuergerät	531
11. Hallgeber, Motorsteuergerät, Ladedrucksteller	532
12. Saugrohrgeber, Temperatur- und Druckfühler für Gasverteilerleiste, Kühlmitteltemperaturgeber, Kraftstoffdruckgeber, Motorsteuergerät	533
13. Drosselklappensteuereinheit, Ladedruckgeber, Motordrehzahlgeber, Motorsteuergerät	534
14. Klopfsensor 1, Motorsteuergerät, Magnetventil 1 für Aktivkohlebehälter, Ventil 1 für Nockenwellenverstellung, Regelventil für Kraftstoffdruck, Ventil für Öldruckregelung
535
15. Öldruckschalter, Öldruckschalter für reduzierten Öldruck, Motorsteuergerät, Einspritzventil für Zylinder 1, Einspritzventil für Zylinder 2, Einspritzventil für Zylinder 3, Einspritzventil für Zylinder 4, Pumpe für Ladeluftkühlung
536
16. Motorsteuergerät, Zündspule 1 mit Leistungsendstufe, Zündspule 2 mit Leistungsendstufe, Zündspule 3 mit Leistungsendstufe, Zündspule 4 mit Leistungsendstufe
537
17. Motorsteuergerät, Gaseinblasventil 1, Gaseinblasventil 2, Gaseinblasventil 3, Gaseinblasventil 4	538
18. Kraftstoffförderreinheit, Steuergerät im Schalttafeleinsatz, Steuergerät für Kraftstoffpumpe, Schalttafeleinsatz, Ventil für Tankabsperrung	539
060 - 2,0-l-Benzinmotor , CJXB,CJXC	540-567
1. 2,0-l-Benzinmotor , CJXB,CJXC	540
2. Anlasser, Steuergerät für Batterieüberwachung, Starterrelais 1, Starterrelais 2, Sicherungshalter B	541
3. Bordnetzsteuergerät, Hauptrelais, Sicherungshalter B	542
4. Schaltermodul 1 Mittelkonsole, Taster für Fahrprogramm, Taster für Start-Stopp-Betrieb, Relais für Spannungsversorgung der Kl. 15, Bordnetzsteuergerät, Sicherungshalter C
543
5. Motorsteuergerät	544
6. Motorsteuergerät, Abgasklappensteuereinheit, Abgasklappensteuereinheit 2	545
7. Öldruck- und Öltemperaturgeber, Motorsteuergerät, Steuergerät für elektronische Lenksäulenverriegelung	546
8. Steuergerät für ABS, Motorsteuergerät, Stromversorgungsrelais für Motorkomponenten	547
9. Drehstromgenerator mit Spannungsregler, Geber für Getriebe-Neutralstellung, Motorsteuergerät	548
10. Lambdasonde 1 nach Katalysator, Kühlmitteltemperaturgeber am Kühlerausgang, Motorsteuergerät	549
11. Lambdasonde 1 vor Katalysator, Motorsteuergerät	550
12. Öldruckschalter, Öldruckschalter für reduzierten Öldruck, Steuergerät 1 für Kühlmitteltemperaturgeber, Motorsteuergerät, Regelventil für Kraftstoffdruck
551
13. Positionsgeber für Ladedrucksteller, Motorsteuergerät, Stellelement für Motorsoundgeneratorung, Ladedrucksteller	552
14. Saugrohrgeber, Motordrehzahlgeber, Geber 1 für Sekundärluftdruck, Motorsteuergerät	553
15. Motorsteuergerät, Magnetventil 1 für Aktivkohlebehälter, Ventil 1 für Nockenwellenverstellung, Ventil 1 für Nockenwellenverstellung im Auslass, Heizungsunterstützungspumpe
554
16. Motorsteuergerät, Umluftventil für Turbolader, Ventil für Saugrohrklappe, Ventil für Öldruckregelung, Steuerventil für Kolbenkühldüsen	555
17. Motorsteuergerät, Auslassnockensteller A für Zylinder 1, Auslassnockensteller B für Zylinder 1, Auslassnockensteller A für Zylinder 2, Auslassnockensteller B für Zylinder 2
556
18. Motorsteuergerät, Auslassnockensteller A für Zylinder 3, Auslassnockensteller B für Zylinder 3, Auslassnockensteller A für Zylinder 4, Auslassnockensteller B für Zylinder 4
557
19. Motorsteuergerät, Zündspule 1 mit Leistungsendstufe, Zündspule 2 mit Leistungsendstufe, Zündspule 3 mit Leistungsendstufe, Zündspule 4 mit Leistungsendstufe
558
20. Öldruckschalter, Stufe 3, Hallgeber, Kraftstoffdruckgeber, Potentiometer für Saugrohrklappe, Motorsteuergerät	559
21. Motorsteuergerät, Einspritzventil für Zylinder 1, Einspritzventil für Zylinder 2, Einspritzventil für Zylinder 3, Einspritzventil für Zylinder 4	560
22. Motorsteuergerät, Einspritzventil 2 für Zylinder 1, Einspritzventil 2 für Zylinder 2, Einspritzventil 2 für Zylinder 3, Einspritzventil 2 für Zylinder 4	561
23. Bremslichtschalter, Kupplungspositionsgeber, Motorsteuergerät	562
24. Gaspedalmodul, Drosselklappensteuereinheit, Motorsteuergerät	563
25. Hallgeber 3, Kraftstoffdruckgeber für Niederdruck, Motorsteuergerät, Absperrventil für Kühlmittel, Ventil für Kühler	564
26. Motorsteuergerät, Mechatronik für Doppelkupplungsgetriebe	565
27. Diagnose-Interface für Datenbus, Motorsteuergerät	566
28. Steuergerät für Kraftstoffpumpe, Kraftstoffförderreinheit	567
061 - Gasentladungsscheinwerfer (Bi-Xenon) mit automatischer Leuchtweiteregelung, Kurvenlicht, LED-Tagesfahrlicht , (ASR)	568-573
1. Gasentladungsscheinwerfer (Bi-Xenon) mit automatischer Leuchtweiteregelung, Kurvenlicht, LED-Tagesfahrlicht , (A8R)	568
2. Relais für Spannungsversorgung der Kl. 15, Bordnetzsteuergerät, Sicherung 1 auf Sicherungshalter C	569
3. Geber für Fahrzeugniveau hinten links, Bordnetzsteuergerät, Steuergerät für Kurvenlicht und Leuchtweiteregelung	570
4. Bordnetzsteuergerät, Diagnose-Interface für Datenbus, Steuergerät für Kurvenlicht und Leuchtweiteregelung, Frontkamera für Fahrerassistenzsysteme
571
5. Geber für Stellmotor der variablen Frontbeleuchtung links, Steuergerät für Gasentladungslampe links, Bordnetzsteuergerät, Leistungsmodul für Scheinwerfer links, Steuergerät für Kurvenlicht und Leuchtweiteregelung, Steuergerät für Tagesfahrlicht und Standlicht links, Leistungsmodul 2 für Scheinwerfer links, Gasentladungslampe links, LED-Modul links für Tagesfahrlicht und Standlicht, Scheinwerfer vorn links, Lampe für Blinklicht vorn links, Stellmotor links für Leuchtweiteregelung, Stellmotor der variablen Frontbeleuchtung links, Stellmotor für dynamisches Kurvenlicht links
572
6. Geber für Stellmotor der variablen Frontbeleuchtung rechts, Steuergerät für Gasentladungslampe rechts, Bordnetzsteuergerät, Leistungsmodul für Scheinwerfer rechts, Steuergerät für Kurvenlicht und Leuchtweiteregelung, Leistungsmodul 2 für Scheinwerfer rechts, Steuergerät für Tagfahrlicht und Standlicht rechts, Gasentladungslampe rechts, LED-Modul rechts für Tagesfahrlicht und Standlicht, Scheinwerfer vorn rechts, Lampe für Blinklicht vorn rechts, Stellmotor rechts für Leuchtweiteregelung, Stellmotor der variablen Frontbeleuchtung rechts, Stellmotor für dynamisches Kurvenlicht rechts
573
062 - Fahrzeugortungssystem , (7I1)	574-575
1. Fahrzeugortungssystem , (7I1)	574
2. Steuergerät für Fahrzeugortungssystem, Relais für Fahrzeugortungssystem, Schalttafeleinsatz, Antenne 1 für Fahrzeugortungssystem, Antenne 2 für Fahrzeugortungssystem
575
063 - Fahrzeugzubehör , (F6T),(FST)	576-586
1. Sonderfahrzeugassistent , (F6T),(FST)	576
2. Zweitbatterie, Steuergerät für Sonderfahrzeuge	577
3. Steuergerät für Sonderfahrzeugassistent	578
4. Steuergerät für Sonderfahrzeugassistent	579
5. Steuergerät für Sonderfahrzeugassistent	580
6. Steuergerät für Sonderfahrzeugassistent	581
7. Steuergerät für Sonderfahrzeugassistent	582
8. Steuergerät für Sonderfahrzeugassistent	583
9. Steuergerät für Sonderfahrzeuge	584
064 - Sicherungsbelegung	587-609
1. Sicherungsbelegung	587
2. Sicherungshalter A, Sicherungshalter B	588
3. Relais für beheizbare Frontscheibe, Stromversorgungsrelais für Motorkomponenten, Relais für Gasabsperrventil, Sicherungshalter B	589
4. Starterrelais 1, Starterrelais 2, Sicherungshalter B	590
5. Relais für große Heizleistung, Relais für Spülpumpe, Sicherungshalter B	591
6. Steuergerät für Glühzeitautomatik, Hauptrelais, Relais für Spannungsversorgung der Kl. 30, Relais für kleine Heizleistung, Sicherungshalter B	592
7. Sicherungshalter B	593
8. Kraftstoffpumpenrelais, Sicherungshalter B	594
9. Motorsteuergerät, Sicherungshalter B	595
10. Motorsteuergerät, Koppelstelle im Motorraum links	596
11. Koppelstelle im Motorraum links	597
12. Koppelstelle im Motorraum links	598
13. Koppelstelle im Motorraum links	599
14. Koppelstelle am Motor oben Mitte	600
15. Sicherungshalter C	601
16. Sicherungshalter C	602
17. Relais für beheizbare Heckscheibe, Sicherungshalter C	603
18. Relais für Steckdosen, Sicherungshalter C	604
19. Relais für Spannungsversorgung der Kl. 15, Sicherungshalter C	605
20. Sicherungshalter C	606
21. Sicherungshalter C	607
22. Sicherungshalter C	608
23. Sicherungshalter C	609
065 - Lenksäulenelektronik für beheizbares Lenkrad , (2ZW),(2ZD)	610-612
1. Lenksäulenelektronik für beheizbares Lenkrad , (2ZW),(2ZD)	610
2. Steuergerät für Lenksäulenelektronik, beheizbares Lenkrad	611
3. Steuergerät für Lenksäulenelektronik	612
066 - Komfortsystem, Rechtslenker , (L0R)	613-629
1. Komfortsystem, Rechtslenker , (L0R)	613
2. Türsteuergerät Fahrerseite, Außenspiegel Fahrerseite, Motor 2 für Spiegelverstellung Fahrerseite, Motor für Spiegelklappung Fahrerseite, Heizung für Außenspiegel Fahrerseite
614
3. Türsteuergerät Fahrerseite, Lampe für Blinkleuchte im Außenspiegel Fahrerseite, Außenspiegel Fahrerseite, beheizbarer Außenspiegel Fahrerseite
615
4. Taster für Innenraumüberwachung, Fahrerseite, Taster für Tankdeckelentriegelung, Türkontaktschalter Fahrerseite, Kontaktschalter im Schließzylinder Fahrerseite, Stellmotor für SAFE-Funktion der Zentralverriegelung im Fahrertür, Türsteuergerät Fahrerseite, Schließeinheit Fahrertür, Motor für Zentralverriegelung in Fahrertür, Motor für SAFE-Funktion der Zentralverriegelung in Fahrertür
616
5. Bedieneinheit für Fensterheber in Fahrertür, Türsteuergerät Fahrerseite, Schließeinheit Fahrertür, Fensterhebermotor Fahrerseite	617
6. Kopplung außenbetätigung, Türsteuergerät Fahrerseite, Kontrolllampe für SAFE-Funktion der Zentralverriegelung, Leuchte für Türinnengriffbeleuchtung Fahrerseite, Motor für Fensterheber rechts, Leuchte für Türumfeldbeleuchtung Fahrerseite, Leuchte 2 für Türumfeldbeleuchtung Fahrerseite
618
7. Türsteuergerät Fahrerseite, Sicherung 39 auf Sicherungshalter C, Koppelstelle für Tür vorn rechts, Türumfeldleuchte Fahrerseite	619
8. Türsteuergerät Beifahrerseite, Sicherung 25 auf Sicherungshalter C, Koppelstelle für Tür vorn links, Türumfeldleuchte Beifahrerseite	620
9. Türsteuergerät Beifahrerseite, Koppelstelle für Tür vorn links, Motor für Fensterheber links, Leuchte für Türumfeldbeleuchtung Beifahrerseite	621
10. Taster für Fensterheber vorn Beifahrerseite, Türsteuergerät Beifahrerseite, Leuchte für Türinnengriffbeleuchtung Beifahrerseite, Leuchte für Türumfeldbeleuchtung Beifahrerseite, Leuchte 2 für Türumfeldbeleuchtung Beifahrerseite
622
11. Türsteuergerät Beifahrerseite, Außenspiegel Beifahrerseite, Motor 2 für Spiegelverstellung Beifahrerseite, Motor für Spiegelklappung Beifahrerseite
623
12. Türsteuergerät Beifahrerseite, Lampe für Blinkleuchte im Außenspiegel Beifahrerseite, Außenspiegel Beifahrerseite, beheizbarer Außenspiegel Beifahrerseite
624
13. Taster für Fensterheber vorn hinten links, Türkontaktschalter hinten links, Bordnetzsteuergerät, Schließeinheit für Tür hinten links, Fensterhebermotor hinten links
625
14. Taster für Fensterheber hinten rechts, Türkontaktschalter hinten rechts, Bordnetzsteuergerät, Schließeinheit für Tür hinten rechts, Fensterhebermotor hinten rechts
626
15. Taster für Innenraumüberwachung, Innenleuchte vorn, Neigungsgeber, Fußraumleuchte vorn rechts, Steuergerät für Diebstahlwarnanlage, Fußraumleuchte vorn links, Diagnose-Interface für Datenbus
627
16. Innenspiegel, Tankklappenentriegelung, Sensor für Regen- und Lichterkennung, Bordnetzsteuergerät, Diagnose-Interface für Datenbus, Sicherungshalter C, Innenleuchte vorn
628-629
067 - Komfortsystem, Linkslenker , (L0L)	630-645
1. Komfortsystem, Linkslenker , (L0L)	630
2. Türsteuergerät Fahrerseite, Außenspiegel Fahrerseite, Motor für Spiegelabklappung Fahrerseite	631
3. Türkontaktschalter Fahrerseite, Kontaktschalter im Schließzylinder Fahrerseite, Stellmotor für SAFE-Funktion der Zentralverriegelung in Fahrertür, Türsteuergerät Fahrerseite, Lampe für Blinkleuchte im Außenspiegel Fahrerseite, Außenspiegel Fahrerseite, Schließeinheit Fahrertür, beheizbarer Außenspiegel Fahrerseite
632
4. Taster für Innenraumüberwachung, Fahrerseite, Taster für Tankdeckelentriegelung, Türkontaktschalter Fahrerseite, Motor für SAFE-Funktion der Zentralverriegelung, Schließeinheit Fahrertür
633
